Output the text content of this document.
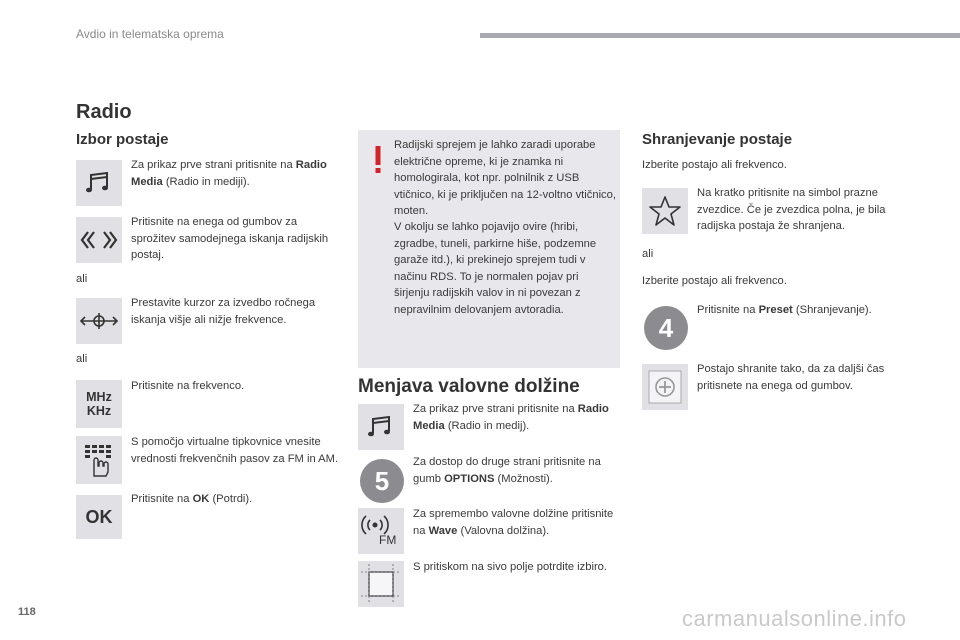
Avdio in telematska oprema
Radio
Izbor postaje
Za prikaz prve strani pritisnite na Radio Media (Radio in mediji).
Pritisnite na enega od gumbov za sprožitev samodejnega iskanja radijskih postaj.
ali
Prestavite kurzor za izvedbo ročnega iskanja višje ali nižje frekvence.
ali
MHz
KHz
Pritisnite na frekvenco.
S pomočjo virtualne tipkovnice vnesite vrednosti frekvenčnih pasov za FM in AM.
OK
Pritisnite na OK (Potrdi).
Radijski sprejem je lahko zaradi uporabe električne opreme, ki je znamka ni homologirala, kot npr. polnilnik z USB vtičnico, ki je priključen na 12-voltno vtičnico, moten.
V okolju se lahko pojavijo ovire (hribi, zgradbe, tuneli, parkirne hiše, podzemne garaže itd.), ki prekinejo sprejem tudi v načinu RDS. To je normalen pojav pri širjenju radijskih valov in ni povezan z nepravilnim delovanjem avtoradia.
Menjava valovne dolžine
Za prikaz prve strani pritisnite na Radio Media (Radio in medij).
5
Za dostop do druge strani pritisnite na gumb OPTIONS (Možnosti).
FM
Za spremembo valovne dolžine pritisnite na Wave (Valovna dolžina).
S pritiskom na sivo polje potrdite izbiro.
Shranjevanje postaje
Izberite postajo ali frekvenco.
Na kratko pritisnite na simbol prazne zvezdice. Če je zvezdica polna, je bila radijska postaja že shranjena.
ali
Izberite postajo ali frekvenco.
4
Pritisnite na Preset (Shranjevanje).
Postajo shranite tako, da za daljši čas pritisnete na enega od gumbov.
118	carmanualsonline.info
